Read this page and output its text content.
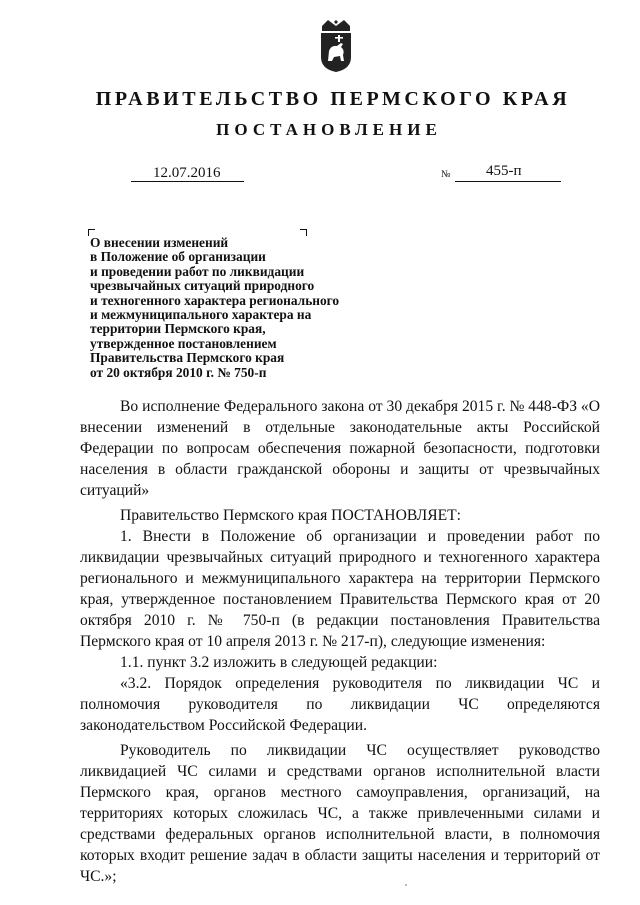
ПРАВИТЕЛЬСТВО ПЕРМСКОГО КРАЯ
ПОСТАНОВЛЕНИЕ
12.07.2016	№ 455-п
О внесении изменений
в Положение об организации
и проведении работ по ликвидации
чрезвычайных ситуаций природного
и техногенного характера регионального
и межмуниципального характера на
территории Пермского края,
утвержденное постановлением
Правительства Пермского края
от 20 октября 2010 г. № 750-п

Во исполнение Федерального закона от 30 декабря 2015 г. № 448-ФЗ «О внесении изменений в отдельные законодательные акты Российской Федерации по вопросам обеспечения пожарной безопасности, подготовки населения в области гражданской обороны и защиты от чрезвычайных ситуаций»

Правительство Пермского края ПОСТАНОВЛЯЕТ:

1. Внести в Положение об организации и проведении работ по ликвидации чрезвычайных ситуаций природного и техногенного характера регионального и межмуниципального характера на территории Пермского края, утвержденное постановлением Правительства Пермского края от 20 октября 2010 г. № 750-п (в редакции постановления Правительства Пермского края от 10 апреля 2013 г. № 217-п), следующие изменения:

1.1. пункт 3.2 изложить в следующей редакции:

«3.2. Порядок определения руководителя по ликвидации ЧС и полномочия руководителя по ликвидации ЧС определяются законодательством Российской Федерации.

Руководитель по ликвидации ЧС осуществляет руководство ликвидацией ЧС силами и средствами органов исполнительной власти Пермского края, органов местного самоуправления, организаций, на территориях которых сложилась ЧС, а также привлеченными силами и средствами федеральных органов исполнительной власти, в полномочия которых входит решение задач в области защиты населения и территорий от ЧС.»;
